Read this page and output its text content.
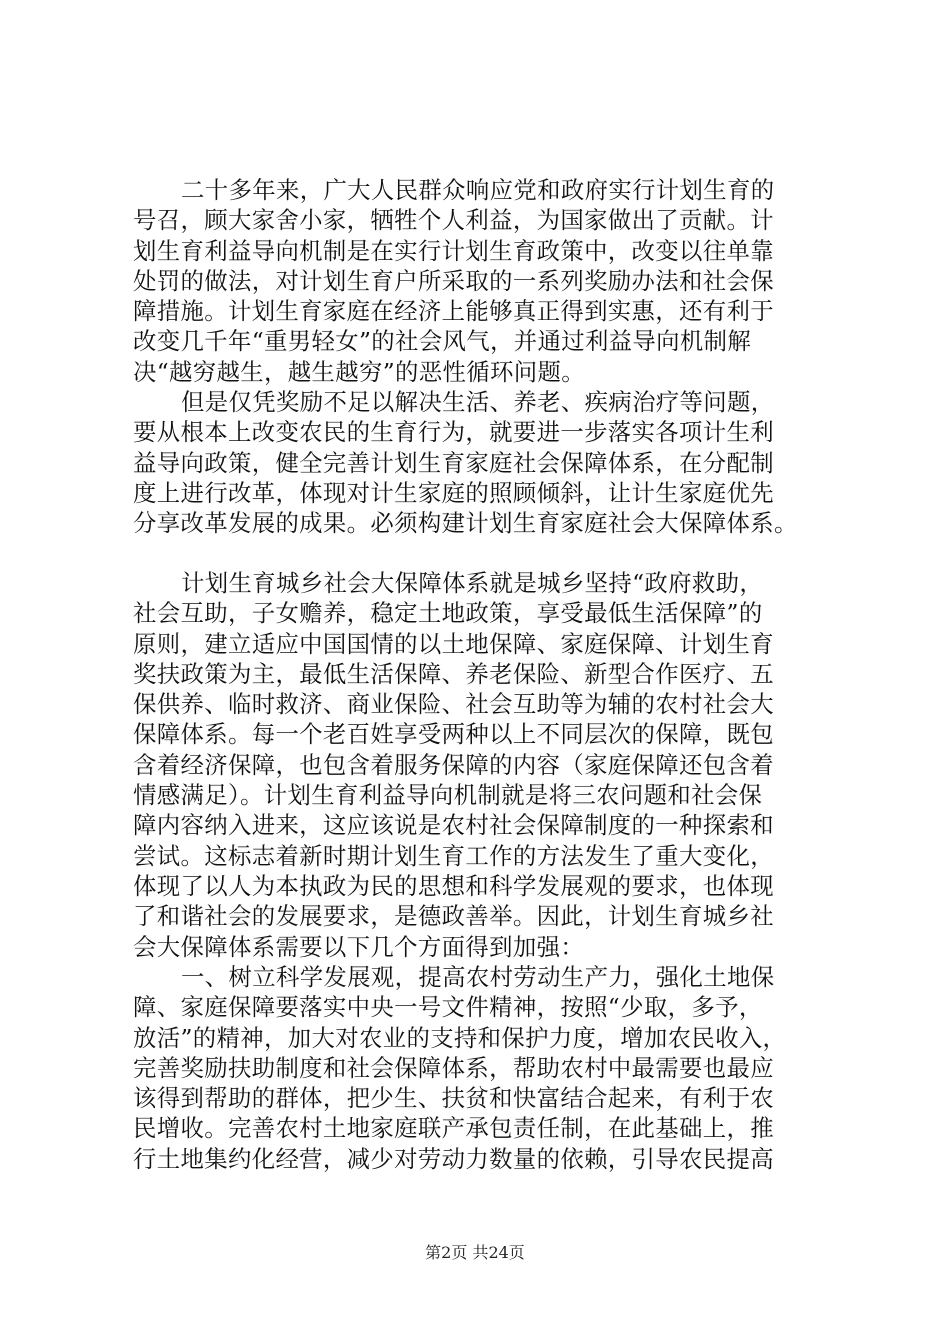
二十多年来，广大人民群众响应党和政府实行计划生育的
号召，顾大家舍小家，牺牲个人利益，为国家做出了贡献。计
划生育利益导向机制是在实行计划生育政策中，改变以往单靠
处罚的做法，对计划生育户所采取的一系列奖励办法和社会保
障措施。计划生育家庭在经济上能够真正得到实惠，还有利于
改变几千年“重男轻女”的社会风气，并通过利益导向机制解
决“越穷越生，越生越穷”的恶性循环问题。
但是仅凭奖励不足以解决生活、养老、疾病治疗等问题，
要从根本上改变农民的生育行为，就要进一步落实各项计生利
益导向政策，健全完善计划生育家庭社会保障体系，在分配制
度上进行改革，体现对计生家庭的照顾倾斜，让计生家庭优先
分享改革发展的成果。必须构建计划生育家庭社会大保障体系。
计划生育城乡社会大保障体系就是城乡坚持“政府救助，
社会互助，子女赡养，稳定土地政策，享受最低生活保障”的
原则，建立适应中国国情的以土地保障、家庭保障、计划生育
奖扶政策为主，最低生活保障、养老保险、新型合作医疗、五
保供养、临时救济、商业保险、社会互助等为辅的农村社会大
保障体系。每一个老百姓享受两种以上不同层次的保障，既包
含着经济保障，也包含着服务保障的内容（家庭保障还包含着
情感满足）。计划生育利益导向机制就是将三农问题和社会保
障内容纳入进来，这应该说是农村社会保障制度的一种探索和
尝试。这标志着新时期计划生育工作的方法发生了重大变化，
体现了以人为本执政为民的思想和科学发展观的要求，也体现
了和谐社会的发展要求，是德政善举。因此，计划生育城乡社
会大保障体系需要以下几个方面得到加强：
一、树立科学发展观，提高农村劳动生产力，强化土地保
障、家庭保障要落实中央一号文件精神，按照“少取，多予，
放活”的精神，加大对农业的支持和保护力度，增加农民收入，
完善奖励扶助制度和社会保障体系，帮助农村中最需要也最应
该得到帮助的群体，把少生、扶贫和快富结合起来，有利于农
民增收。完善农村土地家庭联产承包责任制，在此基础上，推
行土地集约化经营，减少对劳动力数量的依赖，引导农民提高
第2页 共24页
